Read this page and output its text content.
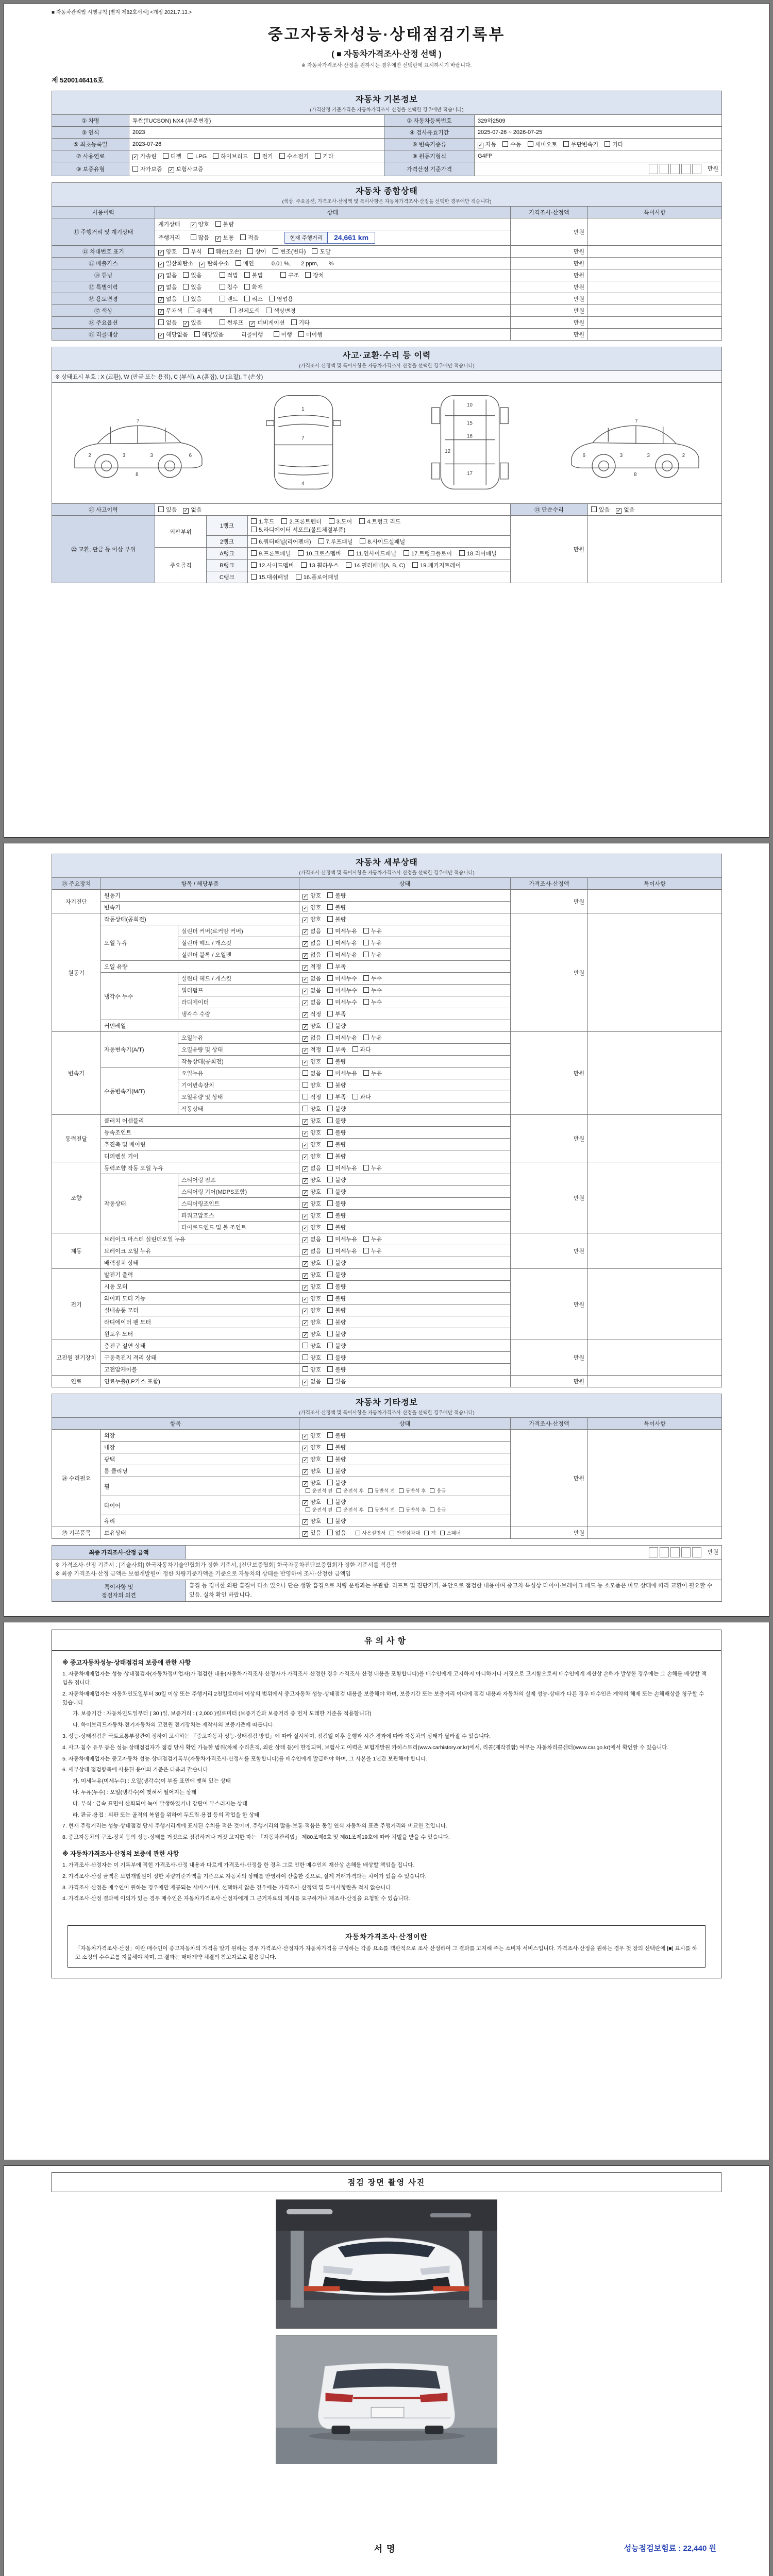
■ 자동차관리법 시행규칙 [별지 제82호서식] <개정 2021.7.13.>
중고자동차성능·상태점검기록부
( ■ 자동차가격조사·산정 선택 )
※ 자동차가격조사·산정을 원하시는 경우에만 선택란에 표시하시기 바랍니다.
제 5200146416호
자동차 기본정보
(가격산정 기준가격은 자동차가격조사·산정을 선택한 경우에만 적습니다)			

① 차명	투싼(TUCSON) NX4 (부분변경)	② 자동차등록번호	329하2509
③ 연식	2023	④ 검사유효기간	2025-07-26 ~ 2026-07-25
⑤ 최초등록일	2023-07-26	⑥ 변속기종류	✓ 자동 수동 세미오토 무단변속기 기타
⑦ 사용연료	✓ 가솔린 디젤 LPG 하이브리드 전기 수소전기 기타	⑧ 원동기형식	G4FP
⑨ 보증유형	자가보증 ✓ 보험사보증	가격산정 기준가격	만원
자동차 종합상태
(색상, 주요옵션, 가격조사·산정액 및 특이사항은 자동차가격조사·산정을 선택한 경우에만 적습니다)			

사용이력	상태	가격조사·산정액	특이사항
⑪ 주행거리 및 계기상태	계기상태 ✓ 양호 불량	만원	
	주행거리 많음 ✓ 보통 적음 현재 주행거리 24,661 km		

⑫ 차대번호 표기	✓ 양호 부식 훼손(오손) 상이 변조(변타) 도말	만원	
⑬ 배출가스	✓ 일산화탄소 ✓ 탄화수소 매연 0.01 %, 2 ppm, %	만원	
⑭ 튜닝	✓ 없음 있음 적법 불법 구조 장치	만원	
⑮ 특별이력	✓ 없음 있음 침수 화재	만원	
⑯ 용도변경	✓ 없음 있음 렌트 리스 영업용	만원	
⑰ 색상	✓ 무채색 유채색 전체도색 색상변경	만원	
⑱ 주요옵션	없음 ✓ 있음 썬루프 ✓ 네비게이션 기타	만원	
⑲ 리콜대상	✓ 해당없음 해당있음 리콜이행 이행 미이행	만원	
사고·교환·수리 등 이력
(가격조사·산정액 및 특이사항은 자동차가격조사·산정을 선택한 경우에만 적습니다)					

※ 상태표시 부호 : X (교환), W (판금 또는 용접), C (부식), A (흠집), U (요철), T (손상)					

2	3	3	6
7
8
1
7
4
10
15
16
12
17
6	3	3	2
7
8

⑳ 사고이력	있음 ✓ 없음			㉑ 단순수리	있음 ✓ 없음
㉒ 교환, 판금 등 이상 부위	외판부위	1랭크	1.후드 2.프론트펜더 3.도어 4.트렁크 리드5.라디에이터 서포트(볼트체결부품)	만원	
		2랭크	6.쿼터패널(리어펜더) 7.루프패널 8.사이드실패널		
	주요골격	A랭크	9.프론트패널 10.크로스멤버 11.인사이드패널 17.트렁크플로어 18.리어패널		
		B랭크	12.사이드멤버 13.휠하우스 14.필러패널(A, B, C) 19.패키지트레이		
		C랭크	15.대쉬패널 16.플로어패널		
자동차 세부상태
(가격조사·산정액 및 특이사항은 자동차가격조사·산정을 선택한 경우에만 적습니다)					

㉓ 주요장치	항목 / 해당부품		상태	가격조사·산정액	특이사항
자기진단	원동기		✓ 양호 불량	만원	
	변속기		✓ 양호 불량		
원동기	작동상태(공회전)		✓ 양호 불량	만원	
	오일 누유	실린더 커버(로커암 커버)	✓ 없음 미세누유 누유		
		실린더 헤드 / 개스킷	✓ 없음 미세누유 누유		
		실린더 블록 / 오일팬	✓ 없음 미세누유 누유		
	오일 유량		✓ 적정 부족		
	냉각수 누수	실린더 헤드 / 개스킷	✓ 없음 미세누수 누수		
		워터펌프	✓ 없음 미세누수 누수		
		라디에이터	✓ 없음 미세누수 누수		
		냉각수 수량	✓ 적정 부족		
	커먼레일		✓ 양호 불량		
변속기	자동변속기(A/T)	오일누유	✓ 없음 미세누유 누유	만원	
		오일유량 및 상태	✓ 적정 부족 과다		
		작동상태(공회전)	✓ 양호 불량		
	수동변속기(M/T)	오일누유	없음 미세누유 누유		
		기어변속장치	양호 불량		
		오일유량 및 상태	적정 부족 과다		
		작동상태	양호 불량		
동력전달	클러치 어셈블리		✓ 양호 불량	만원	
	등속조인트		✓ 양호 불량		
	추진축 및 베어링		✓ 양호 불량		
	디퍼렌셜 기어		✓ 양호 불량		
조향	동력조향 작동 오일 누유		✓ 없음 미세누유 누유	만원	
	작동상태	스티어링 펌프	✓ 양호 불량		
		스티어링 기어(MDPS포함)	✓ 양호 불량		
		스티어링조인트	✓ 양호 불량		
		파워고압호스	✓ 양호 불량		
		타이로드엔드 및 볼 조인트	✓ 양호 불량		
제동	브레이크 마스터 실린더오일 누유		✓ 없음 미세누유 누유	만원	
	브레이크 오일 누유		✓ 없음 미세누유 누유		
	배력장치 상태		✓ 양호 불량		
전기	발전기 출력		✓ 양호 불량	만원	
	시동 모터		✓ 양호 불량		
	와이퍼 모터 기능		✓ 양호 불량		
	실내송풍 모터		✓ 양호 불량		
	라디에이터 팬 모터		✓ 양호 불량		
	윈도우 모터		✓ 양호 불량		
고전원 전기장치	충전구 절연 상태		양호 불량	만원	
	구동축전지 격리 상태		양호 불량		
	고전압케이블		양호 불량		
연료	연료누출(LP가스 포함)		✓ 없음 있음	만원	
자동차 기타정보
(가격조사·산정액 및 특이사항은 자동차가격조사·산정을 선택한 경우에만 적습니다)				

항목		상태	가격조사·산정액	특이사항
㉔ 수리필요	외장	✓ 양호 불량	만원	
	내장	✓ 양호 불량		
	광택	✓ 양호 불량		
	룸 클리닝	✓ 양호 불량		
	휠	✓ 양호 불량운전석 전 운전석 후 동반석 전 동반석 후 응급		
	타이어	✓ 양호 불량운전석 전 운전석 후 동반석 전 동반석 후 응급		
	유리	✓ 양호 불량		
㉕ 기본품목	보유상태	✓ 있음 없음 사용설명서 안전삼각대 잭 스패너	만원	
최종 가격조사·산정 금액	만원

※ 가격조사·산정 기준서 : [기술사회] 한국자동차기술인협회가 정한 기준서, [진단보증협회] 한국자동차진단보증협회가 정한 기준서를 적용함
※ 최종 가격조사·산정 금액은 보험개발원이 정한 차량기준가액을 기준으로 자동차의 상태를 반영하여 조사·산정한 금액임	

특이사항 및
점검자의 의견	흠집 등 경미한 외관 흠집이 다소 있으나 단순 생활 흠집으로 차량 운행과는 무관함. 리프트 및 진단기기, 육안으로 점검한 내용이며 중고차 특성상 타이어·브레이크 패드 등 소모품은 마모 상태에 따라 교환이 필요할 수 있음. 실차 확인 바랍니다.
유의사항
※ 중고자동차성능·상태점검의 보증에 관한 사항
1. 자동차매매업자는 성능·상태점검자(자동차정비업자)가 점검한 내용(자동차가격조사·산정자가 가격조사·산정한 경우 가격조사·산정 내용을 포함합니다)을 매수인에게 고지하지 아니하거나 거짓으로 고지함으로써 매수인에게 재산상 손해가 발생한 경우에는 그 손해를 배상할 책임을 집니다.
2. 자동차매매업자는 자동차인도일부터 30일 이상 또는 주행거리 2천킬로미터 이상의 범위에서 중고자동차 성능·상태점검 내용을 보증해야 하며, 보증기간 또는 보증거리 이내에 점검 내용과 자동차의 실제 성능·상태가 다른 경우 매수인은 계약의 해제 또는 손해배상을 청구할 수 있습니다.
가. 보증기간 : 자동차인도일부터 ( 30 )일, 보증거리 : ( 2,000 )킬로미터 (보증기간과 보증거리 중 먼저 도래한 기준을 적용합니다)
나. 하이브리드자동차·전기자동차의 고전원 전기장치는 제작사의 보증기준에 따릅니다.
3. 성능·상태점검은 국토교통부장관이 정하여 고시하는 「중고자동차 성능·상태점검 방법」에 따라 실시하며, 점검일 이후 운행과 시간 경과에 따라 자동차의 상태가 달라질 수 있습니다.
4. 사고·침수 유무 등은 성능·상태점검자가 점검 당시 확인 가능한 범위(차체 수리흔적, 외관 상태 등)에 한정되며, 보험사고 이력은 보험개발원 카히스토리(www.carhistory.or.kr)에서, 리콜(제작결함) 여부는 자동차리콜센터(www.car.go.kr)에서 확인할 수 있습니다.
5. 자동차매매업자는 중고자동차 성능·상태점검기록부(자동차가격조사·산정서를 포함합니다)를 매수인에게 발급해야 하며, 그 사본을 1년간 보관해야 합니다.
6. 세부상태 점검항목에 사용된 용어의 기준은 다음과 같습니다.
가. 미세누유(미세누수) : 오일(냉각수)이 부품 표면에 맺혀 있는 상태
나. 누유(누수) : 오일(냉각수)이 맺혀서 떨어지는 상태
다. 부식 : 금속 표면이 산화되어 녹이 발생하였거나 강판이 부스러지는 상태
라. 판금·용접 : 외판 또는 골격의 복원을 위하여 두드림·용접 등의 작업을 한 상태
7. 현재 주행거리는 성능·상태점검 당시 주행거리계에 표시된 수치를 적은 것이며, 주행거리의 많음·보통·적음은 동일 연식 자동차의 표준 주행거리와 비교한 것입니다.
8. 중고자동차의 구조·장치 등의 성능·상태를 거짓으로 점검하거나 거짓 고지한 자는 「자동차관리법」 제80조제6호 및 제81조제19호에 따라 처벌을 받을 수 있습니다.
※ 자동차가격조사·산정의 보증에 관한 사항
1. 가격조사·산정자는 이 기록부에 적힌 가격조사·산정 내용과 다르게 가격조사·산정을 한 경우 그로 인한 매수인의 재산상 손해를 배상할 책임을 집니다.
2. 가격조사·산정 금액은 보험개발원이 정한 차량기준가액을 기준으로 자동차의 상태를 반영하여 산출한 것으로, 실제 거래가격과는 차이가 있을 수 있습니다.
3. 가격조사·산정은 매수인이 원하는 경우에만 제공되는 서비스이며, 선택하지 않은 경우에는 가격조사·산정액 및 특이사항란을 적지 않습니다.
4. 가격조사·산정 결과에 이의가 있는 경우 매수인은 자동차가격조사·산정자에게 그 근거자료의 제시를 요구하거나 재조사·산정을 요청할 수 있습니다.
자동차가격조사·산정이란
「자동차가격조사·산정」이란 매수인이 중고자동차의 가격을 알기 원하는 경우 가격조사·산정자가 자동차가격을 구성하는 각종 요소를 객관적으로 조사·산정하여 그 결과를 고지해 주는 소비자 서비스입니다. 가격조사·산정을 원하는 경우 첫 장의 선택란에 [■] 표시를 하고 소정의 수수료를 지불해야 하며, 그 결과는 매매계약 체결의 참고자료로 활용됩니다.
점검 장면 촬영 사진
서명	성능점검보험료 : 22,440 원
